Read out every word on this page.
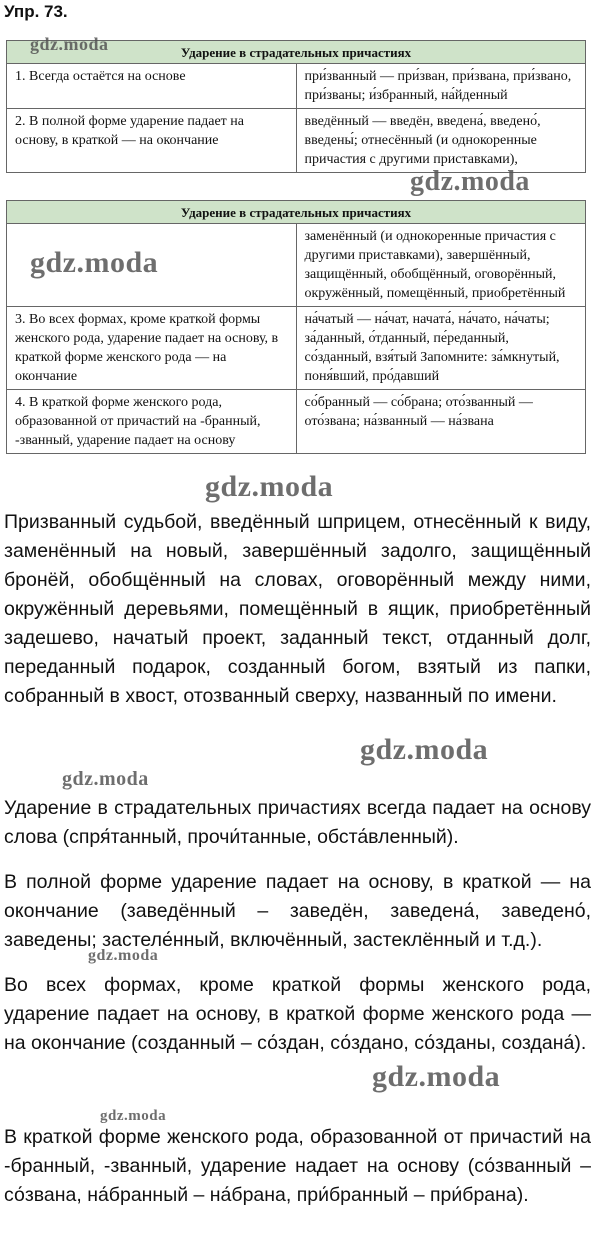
Упр. 73.
Ударение в страдательных причастиях	
1. Всегда остаётся на основе	при́званный — при́зван, при́звана, при́звано, при́званы; и́збранный, на́йденный
2. В полной форме ударение падает на основу, в краткой — на окончание	введённый — введён, введена́, введено́, введены́; отнесённый (и однокоренные причастия с другими приставками),
Ударение в страдательных причастиях	
	заменённый (и однокоренные причастия с другими приставками), завершённый, защищённый, обобщённый, оговорённый, окружённый, помещённый, приобретённый
3. Во всех формах, кроме краткой формы женского рода, ударение падает на основу, в краткой форме женского рода — на окончание	на́чатый — на́чат, начата́, на́чато, на́чаты; за́данный, о́тданный, пе́реданный, со́зданный, взя́тый Запомните: за́мкнутый, поня́вший, про́давший
4. В краткой форме женского рода, образованной от причастий на -бранный, -званный, ударение падает на основу	со́бранный — со́брана; ото́званный — ото́звана; на́званный — на́звана
Призванный судьбой, введённый шприцем, отнесённый к виду, заменённый на новый, завершённый задолго, защищённый бронёй, обобщённый на словах, оговорённый между ними, окружённый деревьями, помещённый в ящик, приобретённый задешево, начатый проект, заданный текст, отданный долг, переданный подарок, созданный богом, взятый из папки, собранный в хвост, отозванный сверху, названный по имени.
Ударение в страдательных причастиях всегда падает на основу слова (спря́танный, прочи́танные, обста́вленный).
В полной форме ударение падает на основу, в краткой — на окончание (заведённый – заведён, заведена́, заведено́, заведены; застеле́нный, включённый, застеклённый и т.д.).
Во всех формах, кроме краткой формы женского рода, ударение падает на основу, в краткой форме женского рода — на окончание (созданный – со́здан, со́здано, со́зданы, создана́).
В краткой форме женского рода, образованной от причастий на -бранный, -званный, ударение надает на основу (со́званный – со́звана, на́бранный – на́брана, при́бранный – при́брана).
gdz.moda
gdz.moda
gdz.moda
gdz.moda
gdz.moda
gdz.moda
gdz.moda
gdz.moda
gdz.moda
